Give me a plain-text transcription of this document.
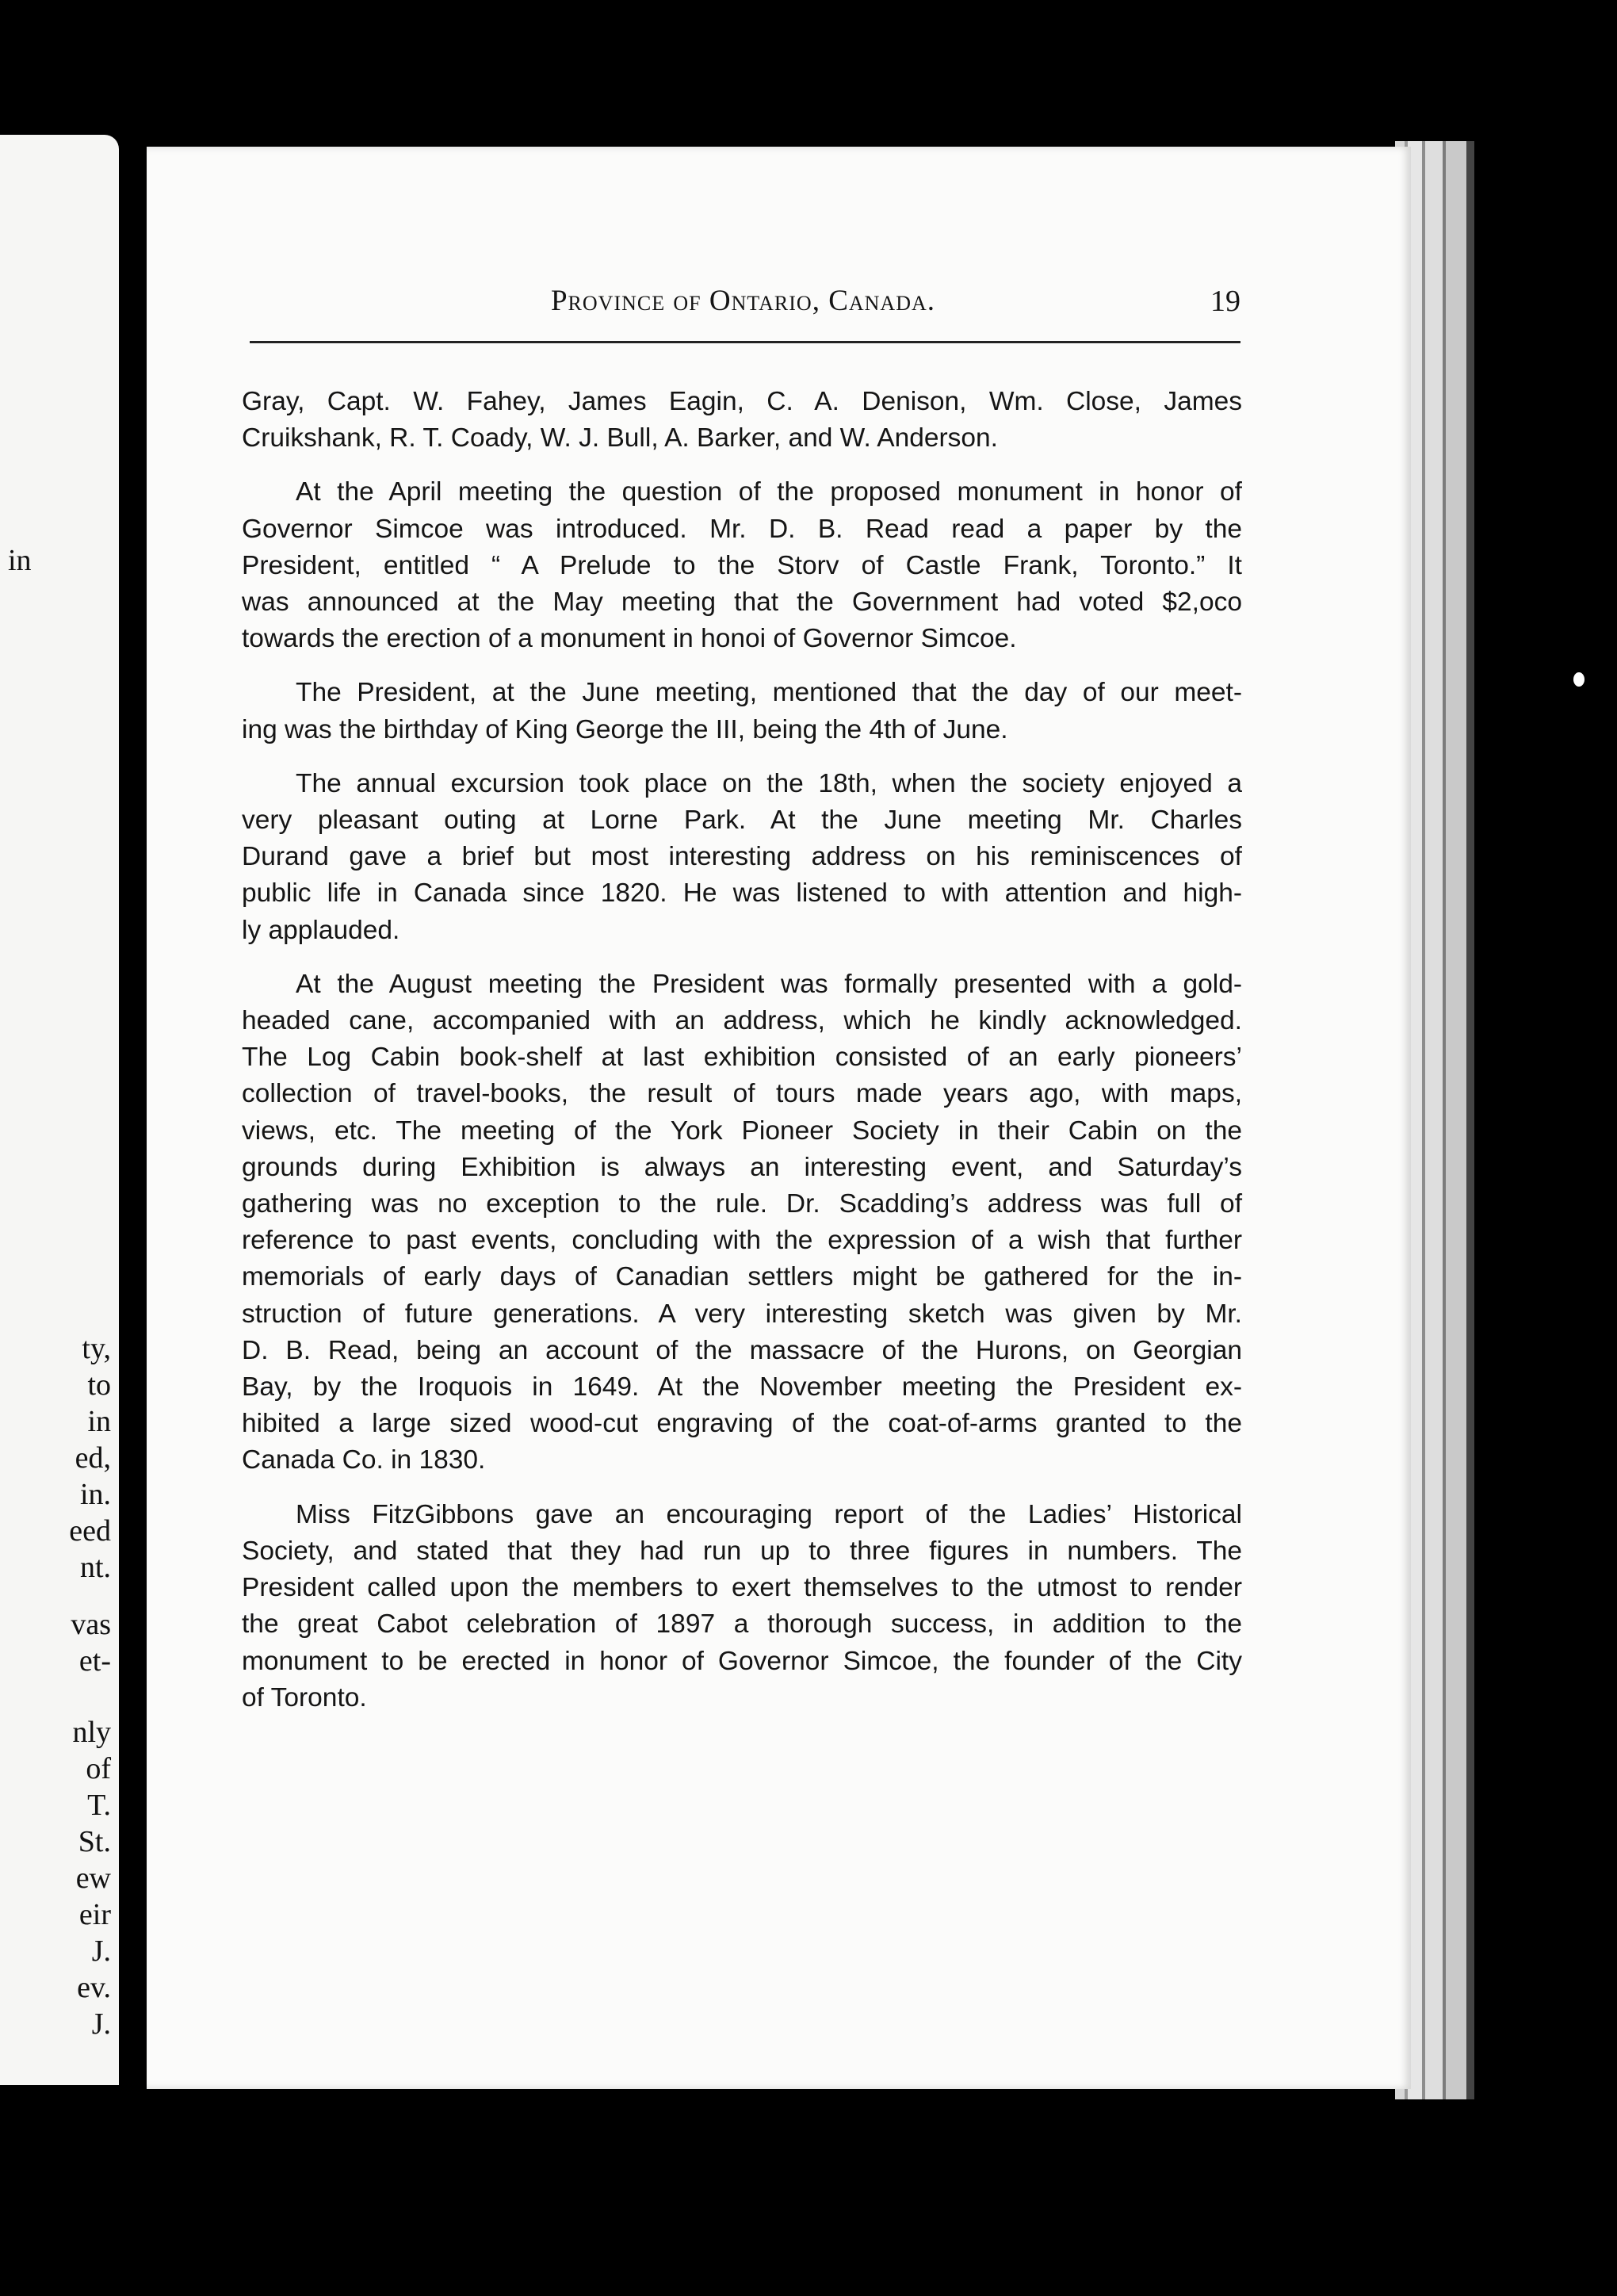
Province of Ontario, Canada.	19
Gray, Capt. W. Fahey, James Eagin, C. A. Denison, Wm. Close, James
Cruikshank, R. T. Coady, W. J. Bull, A. Barker, and W. Anderson.
At the April meeting the question of the proposed monument in honor of
Governor Simcoe was introduced. Mr. D. B. Read read a paper by the
President, entitled “ A Prelude to the Storv of Castle Frank, Toronto.” It
was announced at the May meeting that the Government had voted $2,oco
towards the erection of a monument in honoi of Governor Simcoe.
The President, at the June meeting, mentioned that the day of our meet-
ing was the birthday of King George the III, being the 4th of June.
The annual excursion took place on the 18th, when the society enjoyed a
very pleasant outing at Lorne Park. At the June meeting Mr. Charles
Durand gave a brief but most interesting address on his reminiscences of
public life in Canada since 1820. He was listened to with attention and high-
ly applauded.
At the August meeting the President was formally presented with a gold-
headed cane, accompanied with an address, which he kindly acknowledged.
The Log Cabin book-shelf at last exhibition consisted of an early pioneers’
collection of travel-books, the result of tours made years ago, with maps,
views, etc. The meeting of the York Pioneer Society in their Cabin on the
grounds during Exhibition is always an interesting event, and Saturday’s
gathering was no exception to the rule. Dr. Scadding’s address was full of
reference to past events, concluding with the expression of a wish that further
memorials of early days of Canadian settlers might be gathered for the in-
struction of future generations. A very interesting sketch was given by Mr.
D. B. Read, being an account of the massacre of the Hurons, on Georgian
Bay, by the Iroquois in 1649. At the November meeting the President ex-
hibited a large sized wood-cut engraving of the coat-of-arms granted to the
Canada Co. in 1830.
Miss FitzGibbons gave an encouraging report of the Ladies’ Historical
Society, and stated that they had run up to three figures in numbers. The
President called upon the members to exert themselves to the utmost to render
the great Cabot celebration of 1897 a thorough success, in addition to the
monument to be erected in honor of Governor Simcoe, the founder of the City
of Toronto.
in
ty,
to
in
ed,
in.
eed
nt.
vas
et-
nly
of
T.
St.
ew
eir
J.
ev.
J.
